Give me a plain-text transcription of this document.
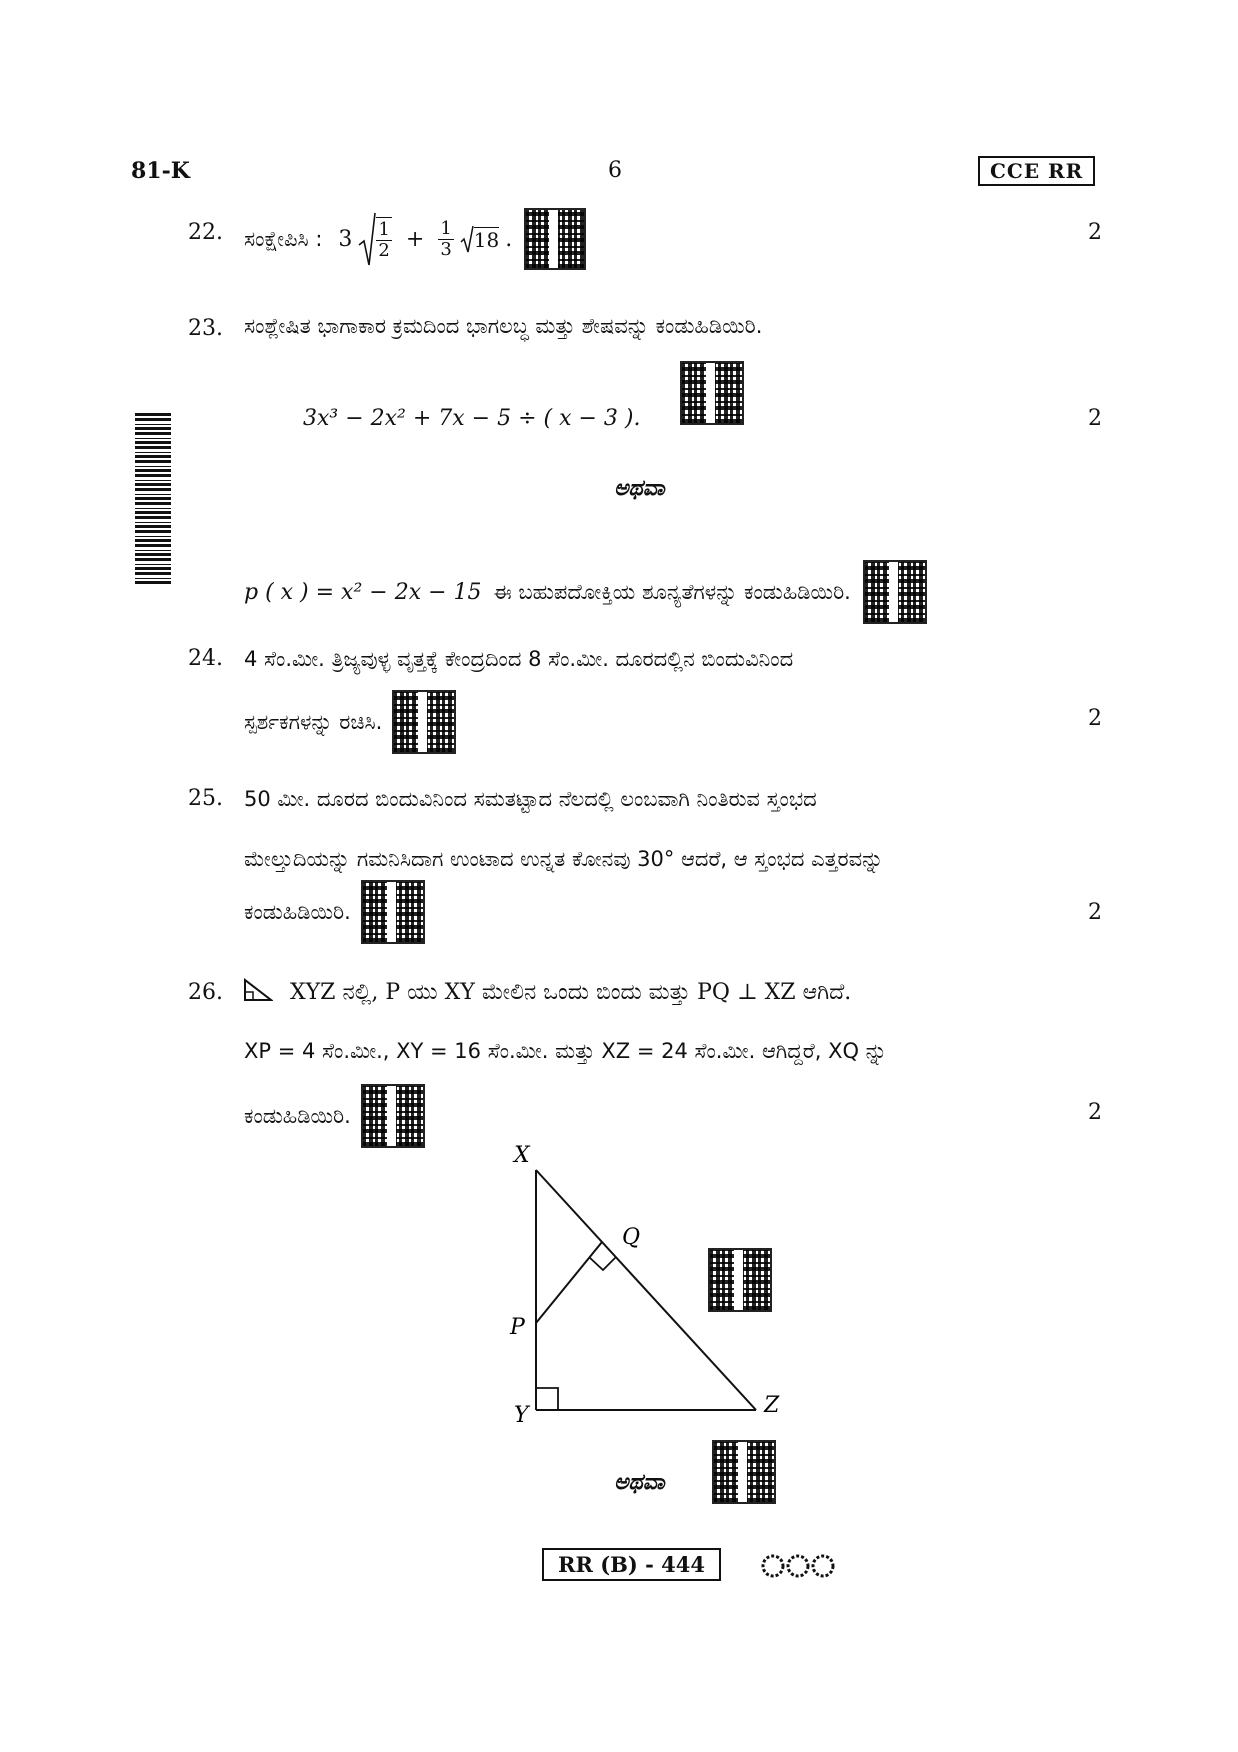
81-K	6	CCE RR
22. ಸಂಕ್ಷೇಪಿಸಿ : $3 \frac{1}{2} + \frac{1}{3} 18$ .	2
23. ಸಂಶ್ಲೇಷಿತ ಭಾಗಾಕಾರ ಕ್ರಮದಿಂದ ಭಾಗಲಬ್ಧ ಮತ್ತು ಶೇಷವನ್ನು ಕಂಡುಹಿಡಿಯಿರಿ.
3x³ − 2x² + 7x − 5 ÷ ( x − 3 ).	2
ಅಥವಾ
p ( x ) = x² − 2x − 15 ಈ ಬಹುಪದೋಕ್ತಿಯ ಶೂನ್ಯತೆಗಳನ್ನು ಕಂಡುಹಿಡಿಯಿರಿ.
24. 4 ಸೆಂ.ಮೀ. ತ್ರಿಜ್ಯವುಳ್ಳ ವೃತ್ತಕ್ಕೆ ಕೇಂದ್ರದಿಂದ 8 ಸೆಂ.ಮೀ. ದೂರದಲ್ಲಿನ ಬಿಂದುವಿನಿಂದ
ಸ್ಪರ್ಶಕಗಳನ್ನು ರಚಿಸಿ.	2
25. 50 ಮೀ. ದೂರದ ಬಿಂದುವಿನಿಂದ ಸಮತಟ್ಟಾದ ನೆಲದಲ್ಲಿ ಲಂಬವಾಗಿ ನಿಂತಿರುವ ಸ್ತಂಭದ
ಮೇಲ್ತುದಿಯನ್ನು ಗಮನಿಸಿದಾಗ ಉಂಟಾದ ಉನ್ನತ ಕೋನವು 30° ಆದರೆ, ಆ ಸ್ತಂಭದ ಎತ್ತರವನ್ನು
ಕಂಡುಹಿಡಿಯಿರಿ.	2
26.	XYZ ನಲ್ಲಿ, P ಯು XY ಮೇಲಿನ ಒಂದು ಬಿಂದು ಮತ್ತು PQ ⊥ XZ ಆಗಿದೆ.
XP = 4 ಸೆಂ.ಮೀ., XY = 16 ಸೆಂ.ಮೀ. ಮತ್ತು XZ = 24 ಸೆಂ.ಮೀ. ಆಗಿದ್ದರೆ, XQ ನ್ನು
ಕಂಡುಹಿಡಿಯಿರಿ.	2
X
Y	Z
P
Q
ಅಥವಾ
RR (B) - 444
